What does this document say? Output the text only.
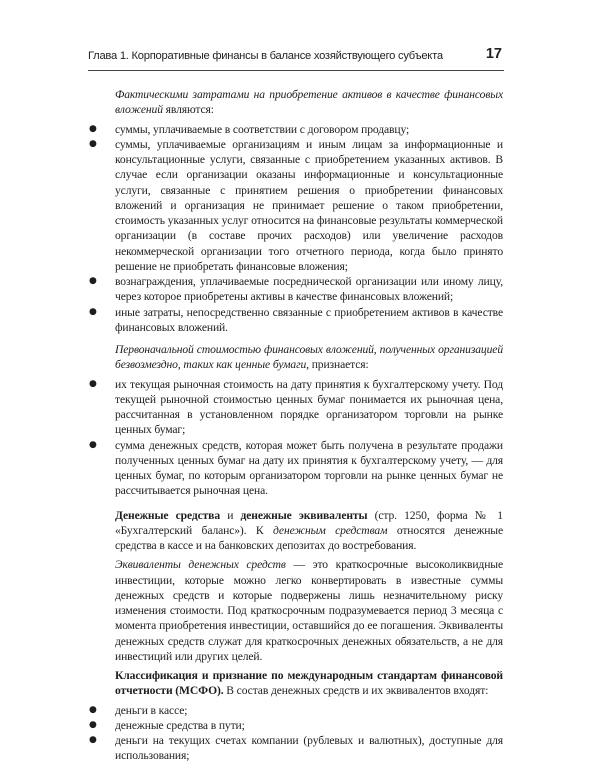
Глава 1. Корпоративные финансы в балансе хозяйствующего субъекта	17

Фактическими затратами на приобретение активов в качестве финансовых вложений являются:

● суммы, уплачиваемые в соответствии с договором продавцу;
● суммы, уплачиваемые организациям и иным лицам за информационные и консультационные услуги, связанные с приобретением указанных активов. В случае если организации оказаны информационные и консультационные услуги, связанные с принятием решения о приобретении финансовых вложений и организация не принимает решение о таком приобретении, стоимость указанных услуг относится на финансовые результаты коммерческой организации (в составе прочих расходов) или увеличение расходов некоммерческой организации того отчетного периода, когда было принято решение не приобретать финансовые вложения;
● вознаграждения, уплачиваемые посреднической организации или иному лицу, через которое приобретены активы в качестве финансовых вложений;
● иные затраты, непосредственно связанные с приобретением активов в качестве финансовых вложений.

Первоначальной стоимостью финансовых вложений, полученных организацией безвозмездно, таких как ценные бумаги, признается:

● их текущая рыночная стоимость на дату принятия к бухгалтерскому учету. Под текущей рыночной стоимостью ценных бумаг понимается их рыночная цена, рассчитанная в установленном порядке организатором торговли на рынке ценных бумаг;
● сумма денежных средств, которая может быть получена в результате продажи полученных ценных бумаг на дату их принятия к бухгалтерскому учету, — для ценных бумаг, по которым организатором торговли на рынке ценных бумаг не рассчитывается рыночная цена.

Денежные средства и денежные эквиваленты (стр. 1250, форма № 1 «Бухгалтерский баланс»). К денежным средствам относятся денежные средства в кассе и на банковских депозитах до востребования.

Эквиваленты денежных средств — это краткосрочные высоколиквидные инвестиции, которые можно легко конвертировать в известные суммы денежных средств и которые подвержены лишь незначительному риску изменения стоимости. Под краткосрочным подразумевается период 3 месяца с момента приобретения инвестиции, оставшийся до ее погашения. Эквиваленты денежных средств служат для краткосрочных денежных обязательств, а не для инвестиций или других целей.

Классификация и признание по международным стандартам финансовой отчетности (МСФО). В состав денежных средств и их эквивалентов входят:

● деньги в кассе;
● денежные средства в пути;
● деньги на текущих счетах компании (рублевых и валютных), доступные для использования;
